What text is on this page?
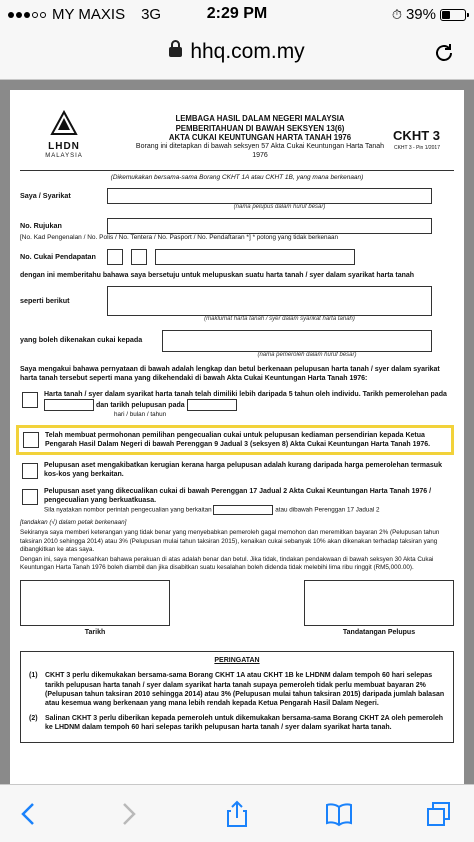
MY MAXIS 3G	2:29 PM	⏱ 39%
hhq.com.my
LHDN
MALAYSIA
LEMBAGA HASIL DALAM NEGERI MALAYSIA
PEMBERITAHUAN DI BAWAH SEKSYEN 13(6)
AKTA CUKAI KEUNTUNGAN HARTA TANAH 1976
Borang ini ditetapkan di bawah seksyen 57 Akta Cukai Keuntungan Harta Tanah 1976
CKHT 3
CKHT 3 - Pin 1/2017
(Dikemukakan bersama-sama Borang CKHT 1A atau CKHT 1B, yang mana berkenaan)
Saya / Syarikat
(nama pelupus dalam huruf besar)
No. Rujukan
[No. Kad Pengenalan / No. Polis / No. Tentera / No. Pasport / No. Pendaftaran *] * potong yang tidak berkenaan
No. Cukai Pendapatan
dengan ini memberitahu bahawa saya bersetuju untuk melupuskan suatu harta tanah / syer dalam syarikat harta tanah
seperti berikut
(maklumat harta tanah / syer dalam syarikat harta tanah)
yang boleh dikenakan cukai kepada
(nama pemeroleh dalam huruf besar)
Saya mengakui bahawa pernyataan di bawah adalah lengkap dan betul berkenaan pelupusan harta tanah / syer dalam syarikat harta tanah tersebut seperti mana yang dikehendaki di bawah Akta Cukai Keuntungan Harta Tanah 1976:
Harta tanah / syer dalam syarikat harta tanah telah dimiliki lebih daripada 5 tahun oleh individu. Tarikh pemerolehan pada  dan tarikh pelupusan pada
hari / bulan / tahun
Telah membuat permohonan pemilihan pengecualian cukai untuk pelupusan kediaman persendirian kepada Ketua Pengarah Hasil Dalam Negeri di bawah Perenggan 9 Jadual 3 (seksyen 8) Akta Cukai Keuntungan Harta Tanah 1976.
Pelupusan aset mengakibatkan kerugian kerana harga pelupusan adalah kurang daripada harga pemerolehan termasuk kos-kos yang berkaitan.
Pelupusan aset yang dikecualikan cukai di bawah Perenggan 17 Jadual 2 Akta Cukai Keuntungan Harta Tanah 1976 / pengecualian yang berkuatkuasa.
Sila nyatakan nombor perintah pengecualian yang berkaitan	atau dibawah Perenggan 17 Jadual 2
[tandakan (√) dalam petak berkenaan]
Sekiranya saya memberi keterangan yang tidak benar yang menyebabkan pemeroleh gagal memohon dan meremitkan bayaran 2% (Pelupusan tahun taksiran 2010 sehingga 2014) atau 3% (Pelupusan mulai tahun taksiran 2015), kenaikan cukai sebanyak 10% akan dikenakan terhadap taksiran yang dibangkitkan ke atas saya.
Dengan ini, saya mengesahkan bahawa perakuan di atas adalah benar dan betul. Jika tidak, tindakan pendakwaan di bawah seksyen 30 Akta Cukai Keuntungan Harta Tanah 1976 boleh diambil dan jika disabitkan suatu kesalahan boleh didenda tidak melebihi lima ribu ringgit (RM5,000.00).
Tarikh	Tandatangan Pelupus
PERINGATAN
(1) CKHT 3 perlu dikemukakan bersama-sama Borang CKHT 1A atau CKHT 1B ke LHDNM dalam tempoh 60 hari selepas tarikh pelupusan harta tanah / syer dalam syarikat harta tanah supaya pemeroleh tidak perlu membuat bayaran 2% (Pelupusan tahun taksiran 2010 sehingga 2014) atau 3% (Pelupusan mulai tahun taksiran 2015) daripada jumlah balasan atau kesemua wang berkenaan yang mana lebih rendah kepada Ketua Pengarah Hasil Dalam Negeri.
(2) Salinan CKHT 3 perlu diberikan kepada pemeroleh untuk dikemukakan bersama-sama Borang CKHT 2A oleh pemeroleh ke LHDNM dalam tempoh 60 hari selepas tarikh pelupusan harta tanah / syer dalam syarikat harta tanah.
